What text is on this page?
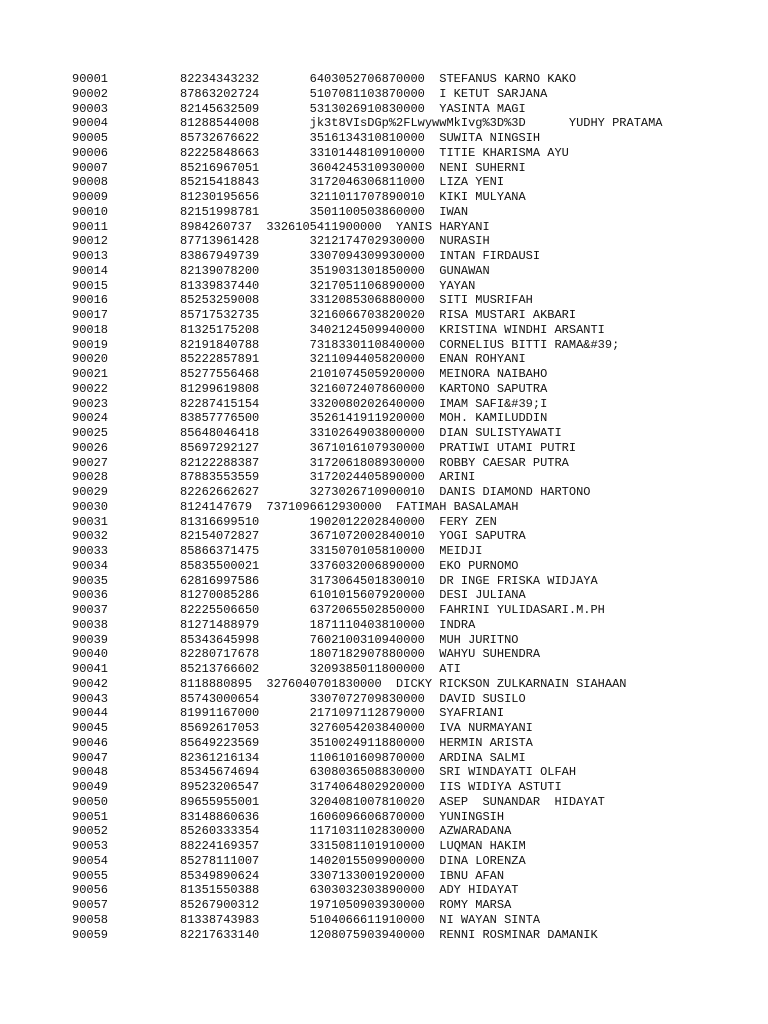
90001          82234343232       6403052706870000  STEFANUS KARNO KAKO
90002          87863202724       5107081103870000  I KETUT SARJANA
90003          82145632509       5313026910830000  YASINTA MAGI
90004          81288544008       jk3t8VIsDGp%2FLwywwMkIvg%3D%3D      YUDHY PRATAMA
90005          85732676622       3516134310810000  SUWITA NINGSIH
90006          82225848663       3310144810910000  TITIE KHARISMA AYU
90007          85216967051       3604245310930000  NENI SUHERNI
90008          85215418843       3172046306811000  LIZA YENI
90009          81230195656       3211011707890010  KIKI MULYANA
90010          82151998781       3501100503860000  IWAN
90011          8984260737  3326105411900000  YANIS HARYANI
90012          87713961428       3212174702930000  NURASIH
90013          83867949739       3307094309930000  INTAN FIRDAUSI
90014          82139078200       3519031301850000  GUNAWAN
90015          81339837440       3217051106890000  YAYAN
90016          85253259008       3312085306880000  SITI MUSRIFAH
90017          85717532735       3216066703820020  RISA MUSTARI AKBARI
90018          81325175208       3402124509940000  KRISTINA WINDHI ARSANTI
90019          82191840788       7318330110840000  CORNELIUS BITTI RAMA&#39;
90020          85222857891       3211094405820000  ENAN ROHYANI
90021          85277556468       2101074505920000  MEINORA NAIBAHO
90022          81299619808       3216072407860000  KARTONO SAPUTRA
90023          82287415154       3320080202640000  IMAM SAFI&#39;I
90024          83857776500       3526141911920000  MOH. KAMILUDDIN
90025          85648046418       3310264903800000  DIAN SULISTYAWATI
90026          85697292127       3671016107930000  PRATIWI UTAMI PUTRI
90027          82122288387       3172061808930000  ROBBY CAESAR PUTRA
90028          87883553559       3172024405890000  ARINI
90029          82262662627       3273026710900010  DANIS DIAMOND HARTONO
90030          8124147679  7371096612930000  FATIMAH BASALAMAH
90031          81316699510       1902012202840000  FERY ZEN
90032          82154072827       3671072002840010  YOGI SAPUTRA
90033          85866371475       3315070105810000  MEIDJI
90034          85835500021       3376032006890000  EKO PURNOMO
90035          62816997586       3173064501830010  DR INGE FRISKA WIDJAYA
90036          81270085286       6101015607920000  DESI JULIANA
90037          82225506650       6372065502850000  FAHRINI YULIDASARI.M.PH
90038          81271488979       1871110403810000  INDRA
90039          85343645998       7602100310940000  MUH JURITNO
90040          82280717678       1807182907880000  WAHYU SUHENDRA
90041          85213766602       3209385011800000  ATI
90042          8118880895  3276040701830000  DICKY RICKSON ZULKARNAIN SIAHAAN
90043          85743000654       3307072709830000  DAVID SUSILO
90044          81991167000       2171097112879000  SYAFRIANI
90045          85692617053       3276054203840000  IVA NURMAYANI
90046          85649223569       3510024911880000  HERMIN ARISTA
90047          82361216134       1106101609870000  ARDINA SALMI
90048          85345674694       6308036508830000  SRI WINDAYATI OLFAH
90049          89523206547       3174064802920000  IIS WIDIYA ASTUTI
90050          89655955001       3204081007810020  ASEP  SUNANDAR  HIDAYAT
90051          83148860636       1606096606870000  YUNINGSIH
90052          85260333354       1171031102830000  AZWARADANA
90053          88224169357       3315081101910000  LUQMAN HAKIM
90054          85278111007       1402015509900000  DINA LORENZA
90055          85349890624       3307133001920000  IBNU AFAN
90056          81351550388       6303032303890000  ADY HIDAYAT
90057          85267900312       1971050903930000  ROMY MARSA
90058          81338743983       5104066611910000  NI WAYAN SINTA
90059          82217633140       1208075903940000  RENNI ROSMINAR DAMANIK
